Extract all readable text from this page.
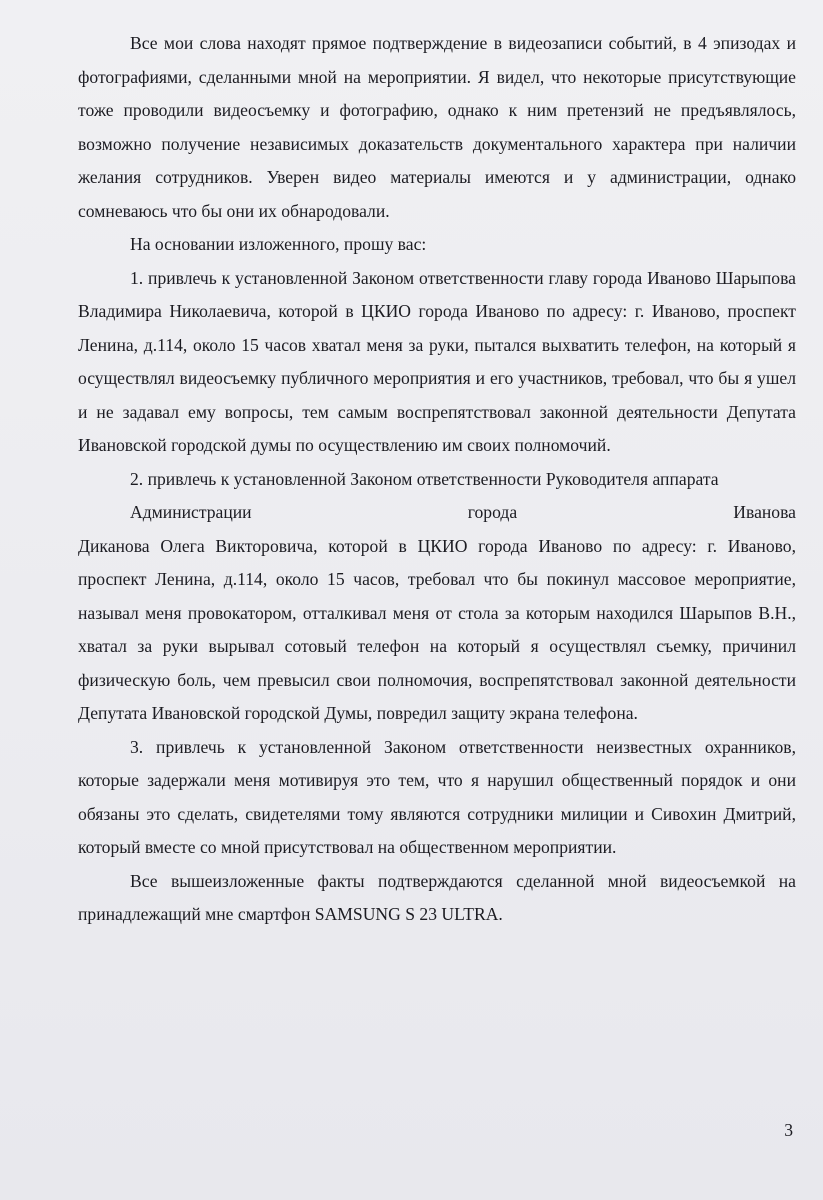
Все мои слова находят прямое подтверждение в видеозаписи событий, в 4 эпизодах и фотографиями, сделанными мной на мероприятии. Я видел, что некоторые присутствующие тоже проводили видеосъемку и фотографию, однако к ним претензий не предъявлялось, возможно получение независимых доказательств документального характера при наличии желания сотрудников. Уверен видео материалы имеются и у администрации, однако сомневаюсь что бы они их обнародовали.

На основании изложенного, прошу вас:

1. привлечь к установленной Законом ответственности главу города Иваново Шарыпова Владимира Николаевича, которой в ЦКИО города Иваново по адресу: г. Иваново, проспект Ленина, д.114, около 15 часов хватал меня за руки, пытался выхватить телефон, на который я осуществлял видеосъемку публичного мероприятия и его участников, требовал, что бы я ушел и не задавал ему вопросы, тем самым воспрепятствовал законной деятельности Депутата Ивановской городской думы по осуществлению им своих полномочий.

2. привлечь к установленной Законом ответственности Руководителя аппарата

Администрации	города	Иванова

Диканова Олега Викторовича, которой в ЦКИО города Иваново по адресу: г. Иваново, проспект Ленина, д.114, около 15 часов, требовал что бы покинул массовое мероприятие, называл меня провокатором, отталкивал меня от стола за которым находился Шарыпов В.Н., хватал за руки вырывал сотовый телефон на который я осуществлял съемку, причинил физическую боль, чем превысил свои полномочия, воспрепятствовал законной деятельности Депутата Ивановской городской Думы, повредил защиту экрана телефона.

3. привлечь к установленной Законом ответственности неизвестных охранников, которые задержали меня мотивируя это тем, что я нарушил общественный порядок и они обязаны это сделать, свидетелями тому являются сотрудники милиции и Сивохин Дмитрий, который вместе со мной присутствовал на общественном мероприятии.

Все вышеизложенные факты подтверждаются сделанной мной видеосъемкой на принадлежащий мне смартфон SAMSUNG S 23 ULTRA.

3
